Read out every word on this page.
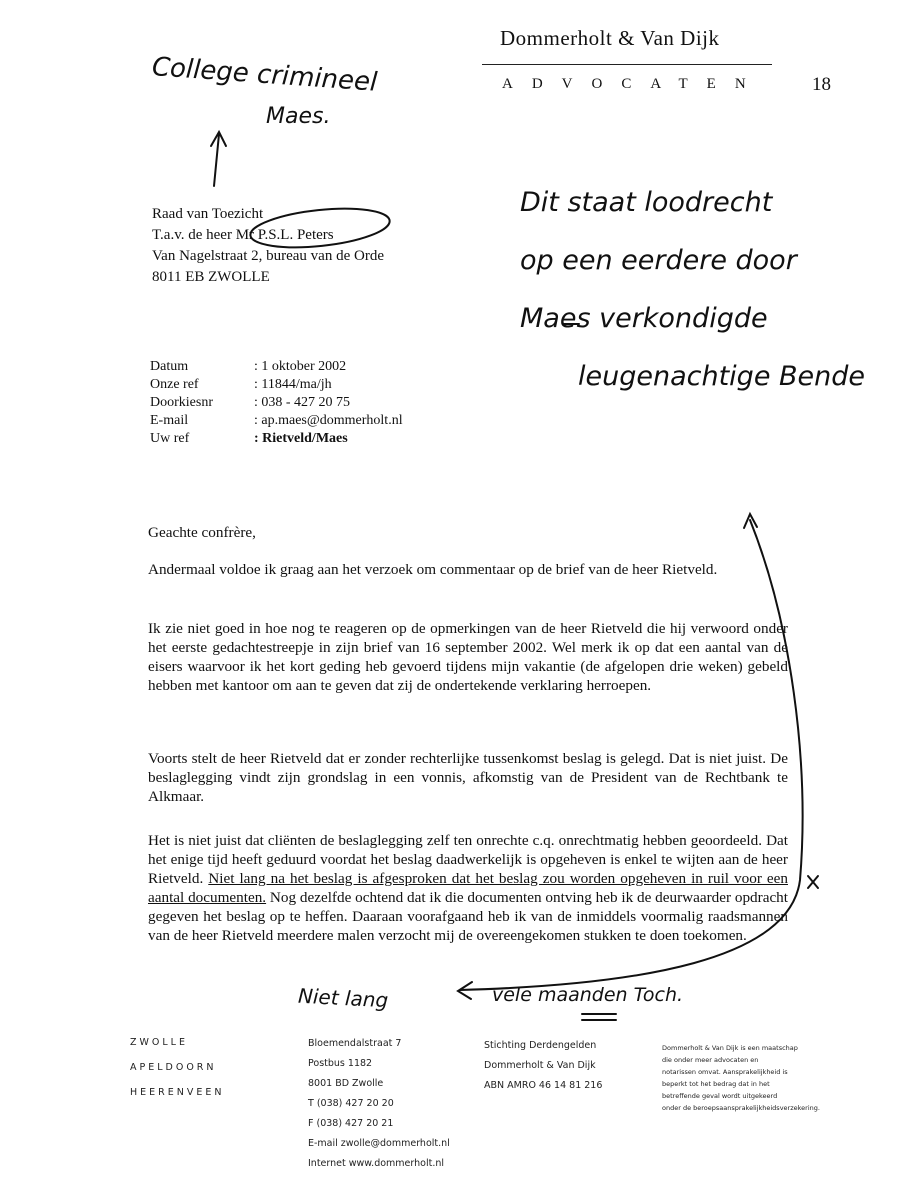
Dommerholt & Van Dijk
ADVOCATEN 18
College crimineel
Maes.
Dit staat loodrecht
op een eerdere door
Maes verkondigde
leugenachtige Bende
Niet lang	vele maanden Toch.
Raad van Toezicht
T.a.v. de heer Mr P.S.L. Peters
Van Nagelstraat 2, bureau van de Orde
8011 EB ZWOLLE
Datum	: 1 oktober 2002
Onze ref	: 11844/ma/jh
Doorkiesnr	: 038 - 427 20 75
E-mail	: ap.maes@dommerholt.nl
Uw ref	: Rietveld/Maes
Geachte confrère,
Andermaal voldoe ik graag aan het verzoek om commentaar op de brief van de heer Rietveld.
Ik zie niet goed in hoe nog te reageren op de opmerkingen van de heer Rietveld die hij verwoord onder het eerste gedachtestreepje in zijn brief van 16 september 2002. Wel merk ik op dat een aantal van de eisers waarvoor ik het kort geding heb gevoerd tijdens mijn vakantie (de afgelopen drie weken) gebeld hebben met kantoor om aan te geven dat zij de ondertekende verklaring herroepen.
Voorts stelt de heer Rietveld dat er zonder rechterlijke tussenkomst beslag is gelegd. Dat is niet juist. De beslaglegging vindt zijn grondslag in een vonnis, afkomstig van de President van de Rechtbank te Alkmaar.
Het is niet juist dat cliënten de beslaglegging zelf ten onrechte c.q. onrechtmatig hebben geoordeeld. Dat het enige tijd heeft geduurd voordat het beslag daadwerkelijk is opgeheven is enkel te wijten aan de heer Rietveld. Niet lang na het beslag is afgesproken dat het beslag zou worden opgeheven in ruil voor een aantal documenten. Nog dezelfde ochtend dat ik die documenten ontving heb ik de deurwaarder opdracht gegeven het beslag op te heffen. Daaraan voorafgaand heb ik van de inmiddels voormalig raadsmannen van de heer Rietveld meerdere malen verzocht mij de overeengekomen stukken te doen toekomen.
ZWOLLE
APELDOORN
HEERENVEEN
Bloemendalstraat 7
Postbus 1182
8001 BD Zwolle
T (038) 427 20 20
F (038) 427 20 21
E-mail zwolle@dommerholt.nl
Internet www.dommerholt.nl
Stichting Derdengelden
Dommerholt & Van Dijk
ABN AMRO 46 14 81 216
Dommerholt & Van Dijk is een maatschap
die onder meer advocaten en
notarissen omvat. Aansprakelijkheid is
beperkt tot het bedrag dat in het
betreffende geval wordt uitgekeerd
onder de beroepsaansprakelijkheidsverzekering.
